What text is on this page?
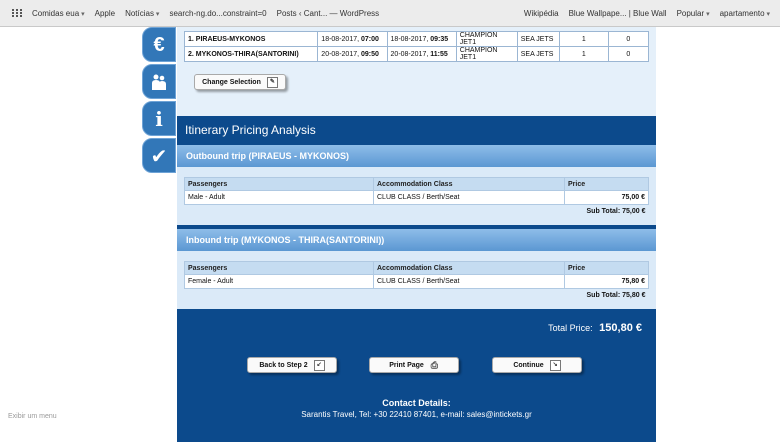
Comidas eua ▾	Apple Notícias ▾	search-ng.do...constraint=0 Posts ‹ Cant... — WordPress	Wikipédia Blue Wallpape... | Blue Wall Popular ▾	apartamento ▾
€
i
✔
1. PIRAEUS-MYKONOS	18-08-2017, 07:00	18-08-2017, 09:35	CHAMPION JET1	SEA JETS	1	0
2. MYKONOS-THIRA(SANTORINI)	20-08-2017, 09:50	20-08-2017, 11:55	CHAMPION JET1	SEA JETS	1	0
Change Selection	✎
Itinerary Pricing Analysis
Outbound trip (PIRAEUS - MYKONOS)
Passengers	Accommodation Class	Price
Male - Adult	CLUB CLASS / Berth/Seat	75,00 €
Sub Total: 75,00 €		
Inbound trip (MYKONOS - THIRA(SANTORINI))
Passengers	Accommodation Class	Price
Female - Adult	CLUB CLASS / Berth/Seat	75,80 €
Sub Total: 75,80 €		
Total Price: 150,80 €
Back to Step 2	↙	Print Page ⎙	Continue	↘
Contact Details:
Sarantis Travel, Tel: +30 22410 87401, e-mail: sales@intickets.gr
Exibir um menu
